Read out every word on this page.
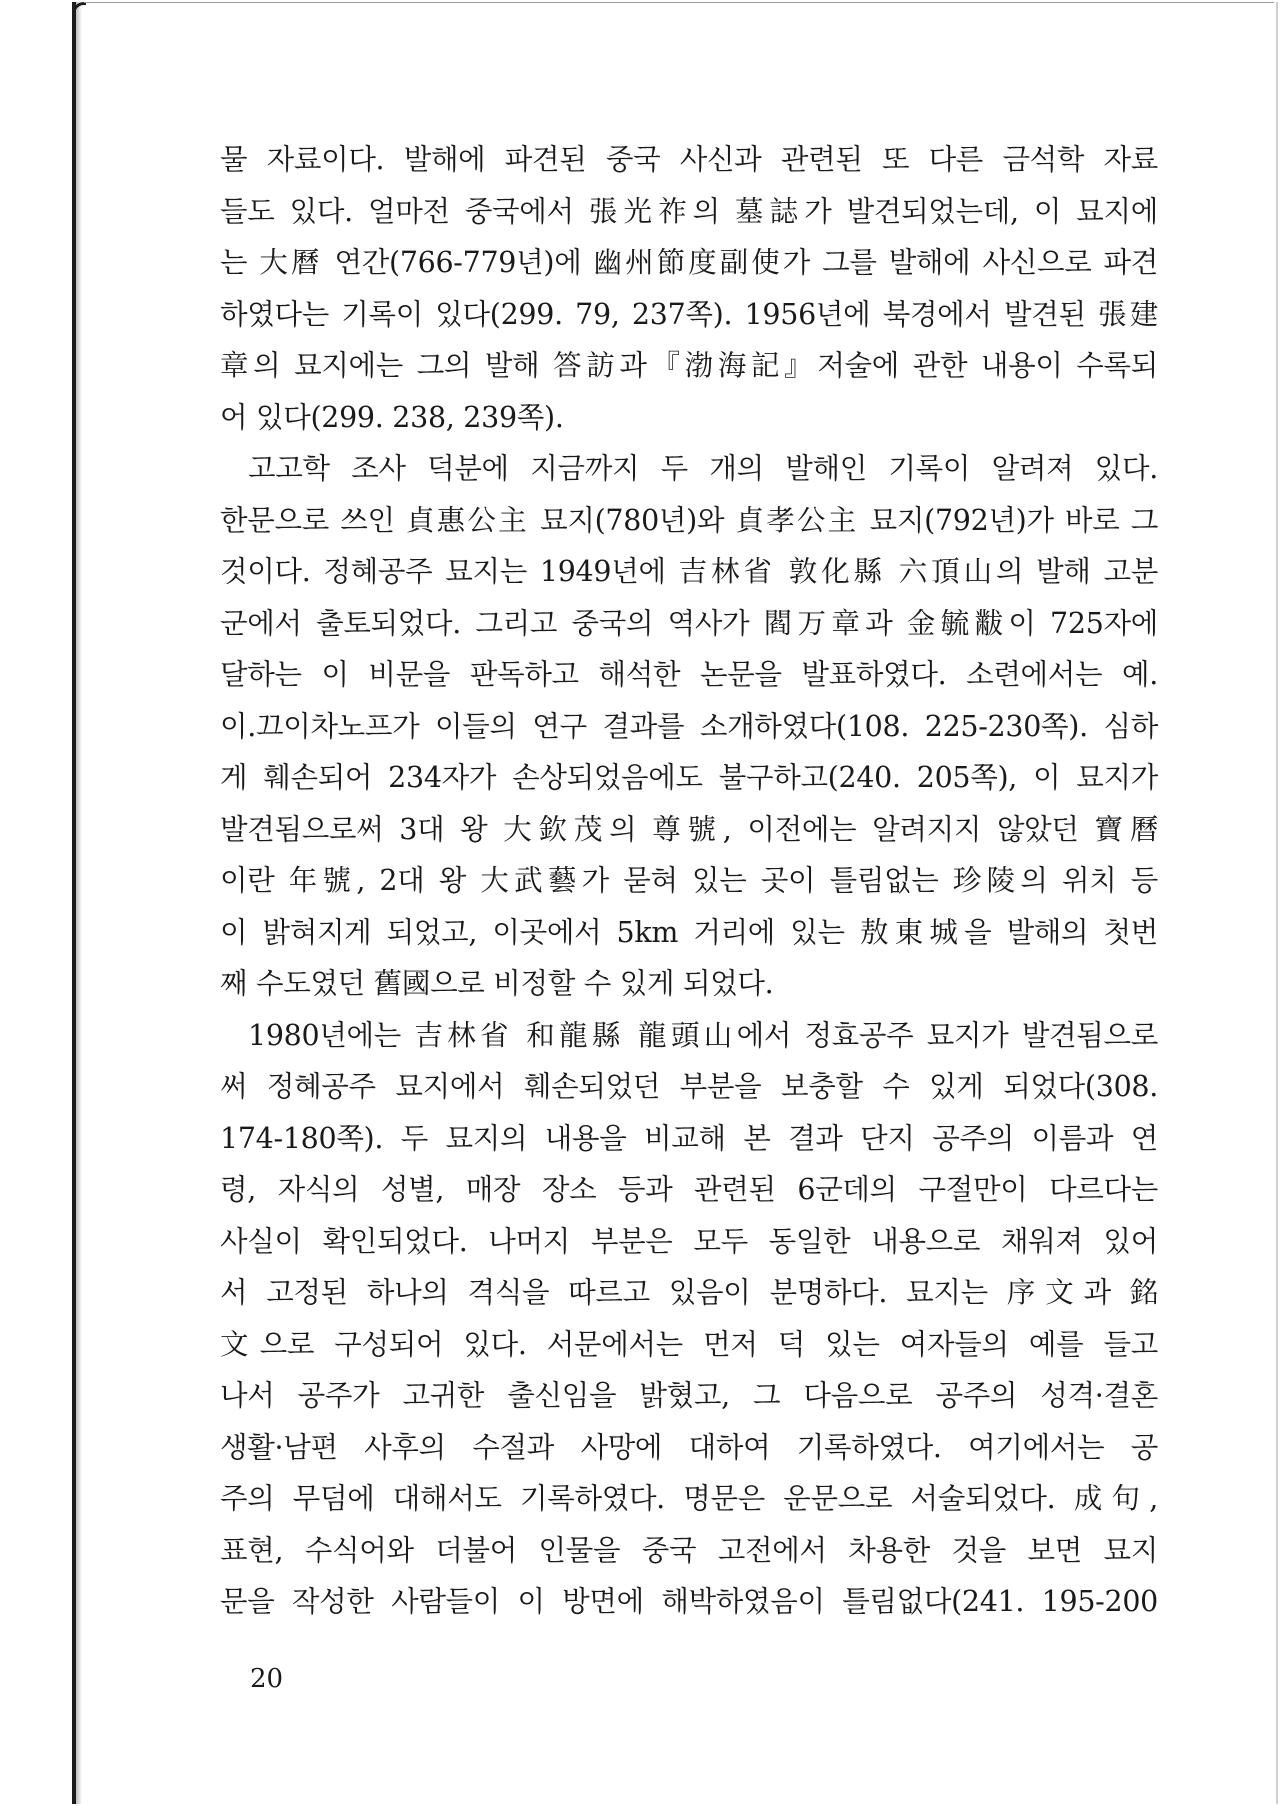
물 자료이다. 발해에 파견된 중국 사신과 관련된 또 다른 금석학 자료
들도 있다. 얼마전 중국에서 張光祚의 墓誌가 발견되었는데, 이 묘지에
는 大曆 연간(766-779년)에 幽州節度副使가 그를 발해에 사신으로 파견
하였다는 기록이 있다(299. 79, 237쪽). 1956년에 북경에서 발견된 張建
章의 묘지에는 그의 발해 答訪과『渤海記』저술에 관한 내용이 수록되
어 있다(299. 238, 239쪽).
고고학 조사 덕분에 지금까지 두 개의 발해인 기록이 알려져 있다.
한문으로 쓰인 貞惠公主 묘지(780년)와 貞孝公主 묘지(792년)가 바로 그
것이다. 정혜공주 묘지는 1949년에 吉林省 敦化縣 六頂山의 발해 고분
군에서 출토되었다. 그리고 중국의 역사가 閻万章과 金毓黻이 725자에
달하는 이 비문을 판독하고 해석한 논문을 발표하였다. 소련에서는 예.
이.끄이차노프가 이들의 연구 결과를 소개하였다(108. 225-230쪽). 심하
게 훼손되어 234자가 손상되었음에도 불구하고(240. 205쪽), 이 묘지가
발견됨으로써 3대 왕 大欽茂의 尊號, 이전에는 알려지지 않았던 寶曆
이란 年號, 2대 왕 大武藝가 묻혀 있는 곳이 틀림없는 珍陵의 위치 등
이 밝혀지게 되었고, 이곳에서 5km 거리에 있는 敖東城을 발해의 첫번
째 수도였던 舊國으로 비정할 수 있게 되었다.
1980년에는 吉林省 和龍縣 龍頭山에서 정효공주 묘지가 발견됨으로
써 정혜공주 묘지에서 훼손되었던 부분을 보충할 수 있게 되었다(308.
174-180쪽). 두 묘지의 내용을 비교해 본 결과 단지 공주의 이름과 연
령, 자식의 성별, 매장 장소 등과 관련된 6군데의 구절만이 다르다는
사실이 확인되었다. 나머지 부분은 모두 동일한 내용으로 채워져 있어
서 고정된 하나의 격식을 따르고 있음이 분명하다. 묘지는 序文과 銘
文으로 구성되어 있다. 서문에서는 먼저 덕 있는 여자들의 예를 들고
나서 공주가 고귀한 출신임을 밝혔고, 그 다음으로 공주의 성격·결혼
생활·남편 사후의 수절과 사망에 대하여 기록하였다. 여기에서는 공
주의 무덤에 대해서도 기록하였다. 명문은 운문으로 서술되었다. 成句,
표현, 수식어와 더불어 인물을 중국 고전에서 차용한 것을 보면 묘지
문을 작성한 사람들이 이 방면에 해박하였음이 틀림없다(241. 195-200
20
